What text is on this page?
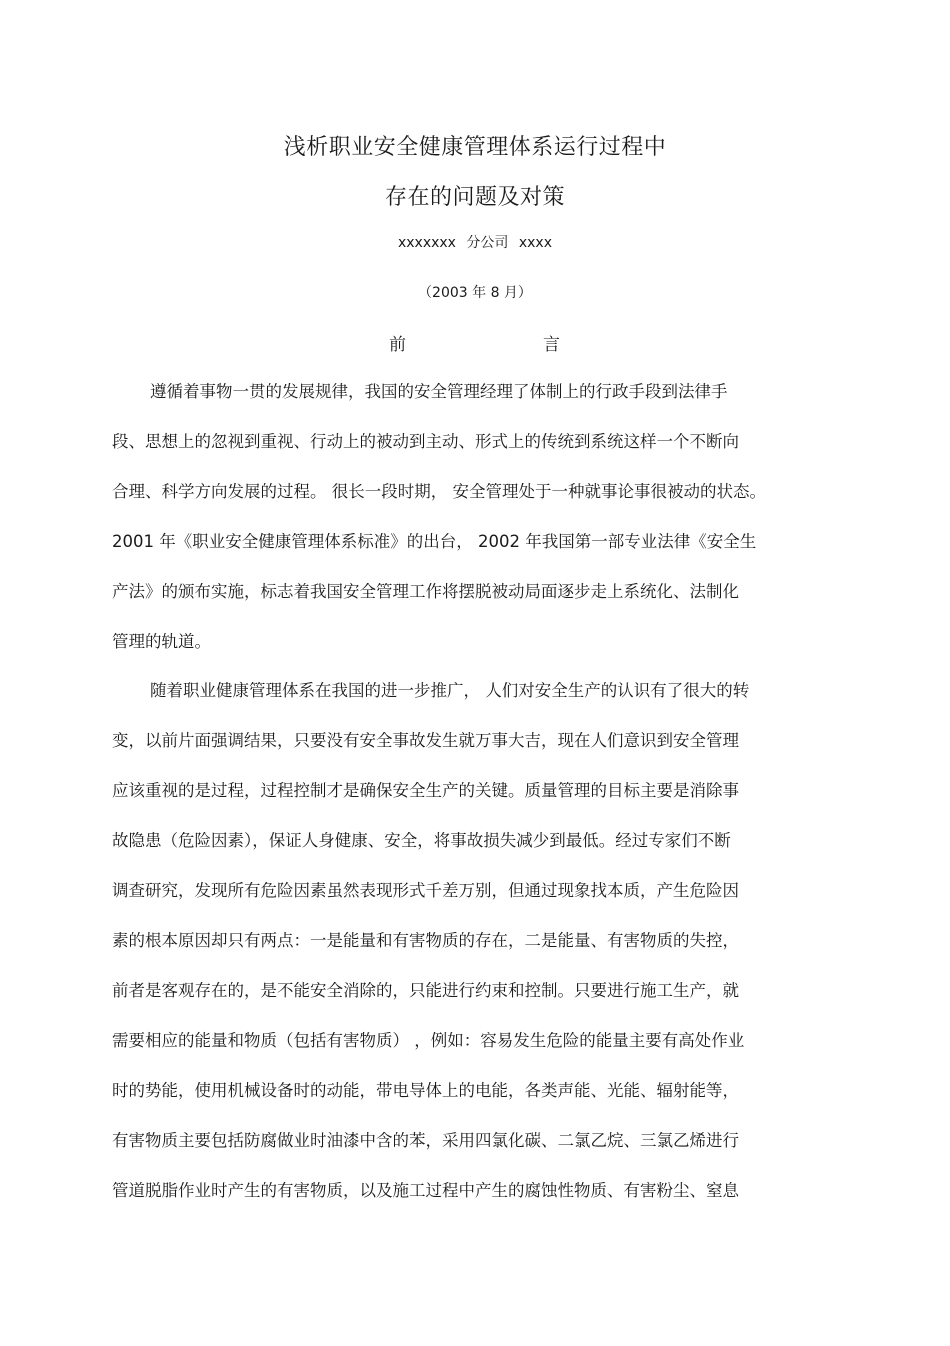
浅析职业安全健康管理体系运行过程中
存在的问题及对策
xxxxxxx 分公司 xxxx
（2003 年 8 月）
前	言
遵循着事物一贯的发展规律，我国的安全管理经理了体制上的行政手段到法律手
段、思想上的忽视到重视、行动上的被动到主动、形式上的传统到系统这样一个不断向
合理、科学方向发展的过程。 很长一段时期， 安全管理处于一种就事论事很被动的状态。
2001 年《职业安全健康管理体系标准》的出台， 2002 年我国第一部专业法律《安全生
产法》的颁布实施，标志着我国安全管理工作将摆脱被动局面逐步走上系统化、法制化
管理的轨道。
随着职业健康管理体系在我国的进一步推广， 人们对安全生产的认识有了很大的转
变，以前片面强调结果，只要没有安全事故发生就万事大吉，现在人们意识到安全管理
应该重视的是过程，过程控制才是确保安全生产的关键。质量管理的目标主要是消除事
故隐患（危险因素），保证人身健康、安全，将事故损失减少到最低。经过专家们不断
调查研究，发现所有危险因素虽然表现形式千差万别，但通过现象找本质，产生危险因
素的根本原因却只有两点：一是能量和有害物质的存在，二是能量、有害物质的失控，
前者是客观存在的，是不能安全消除的，只能进行约束和控制。只要进行施工生产，就
需要相应的能量和物质（包括有害物质） ，例如：容易发生危险的能量主要有高处作业
时的势能，使用机械设备时的动能，带电导体上的电能，各类声能、光能、辐射能等，
有害物质主要包括防腐做业时油漆中含的苯，采用四氯化碳、二氯乙烷、三氯乙烯进行
管道脱脂作业时产生的有害物质，以及施工过程中产生的腐蚀性物质、有害粉尘、窒息
